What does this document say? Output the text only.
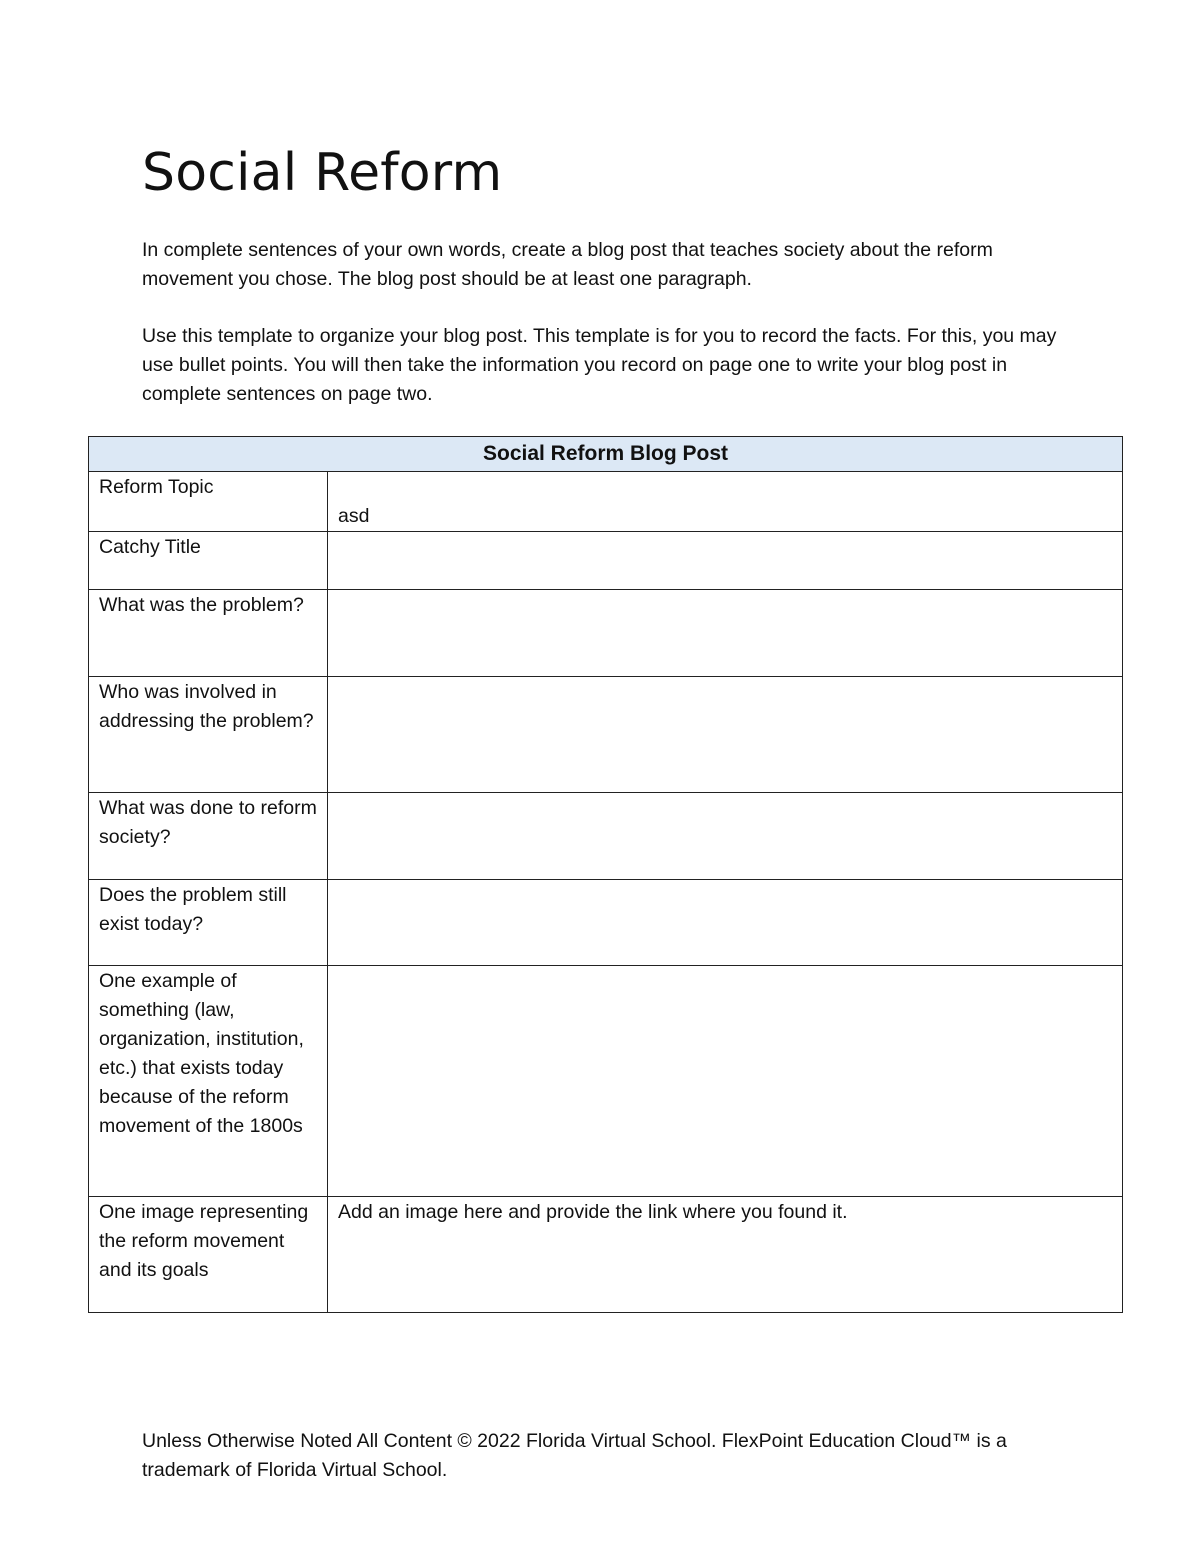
Social Reform

In complete sentences of your own words, create a blog post that teaches society about the reform movement you chose. The blog post should be at least one paragraph.

Use this template to organize your blog post. This template is for you to record the facts. For this, you may use bullet points. You will then take the information you record on page one to write your blog post in complete sentences on page two.

Social Reform Blog Post	
Reform Topic	asd

Catchy Title	
What was the problem?	
Who was involved in addressing the problem?	
What was done to reform society?	
Does the problem still exist today?	
One example of something (law, organization, institution, etc.) that exists today because of the reform movement of the 1800s	
One image representing the reform movement and its goals	Add an image here and provide the link where you found it.

Unless Otherwise Noted All Content © 2022 Florida Virtual School. FlexPoint Education Cloud™ is a trademark of Florida Virtual School.
